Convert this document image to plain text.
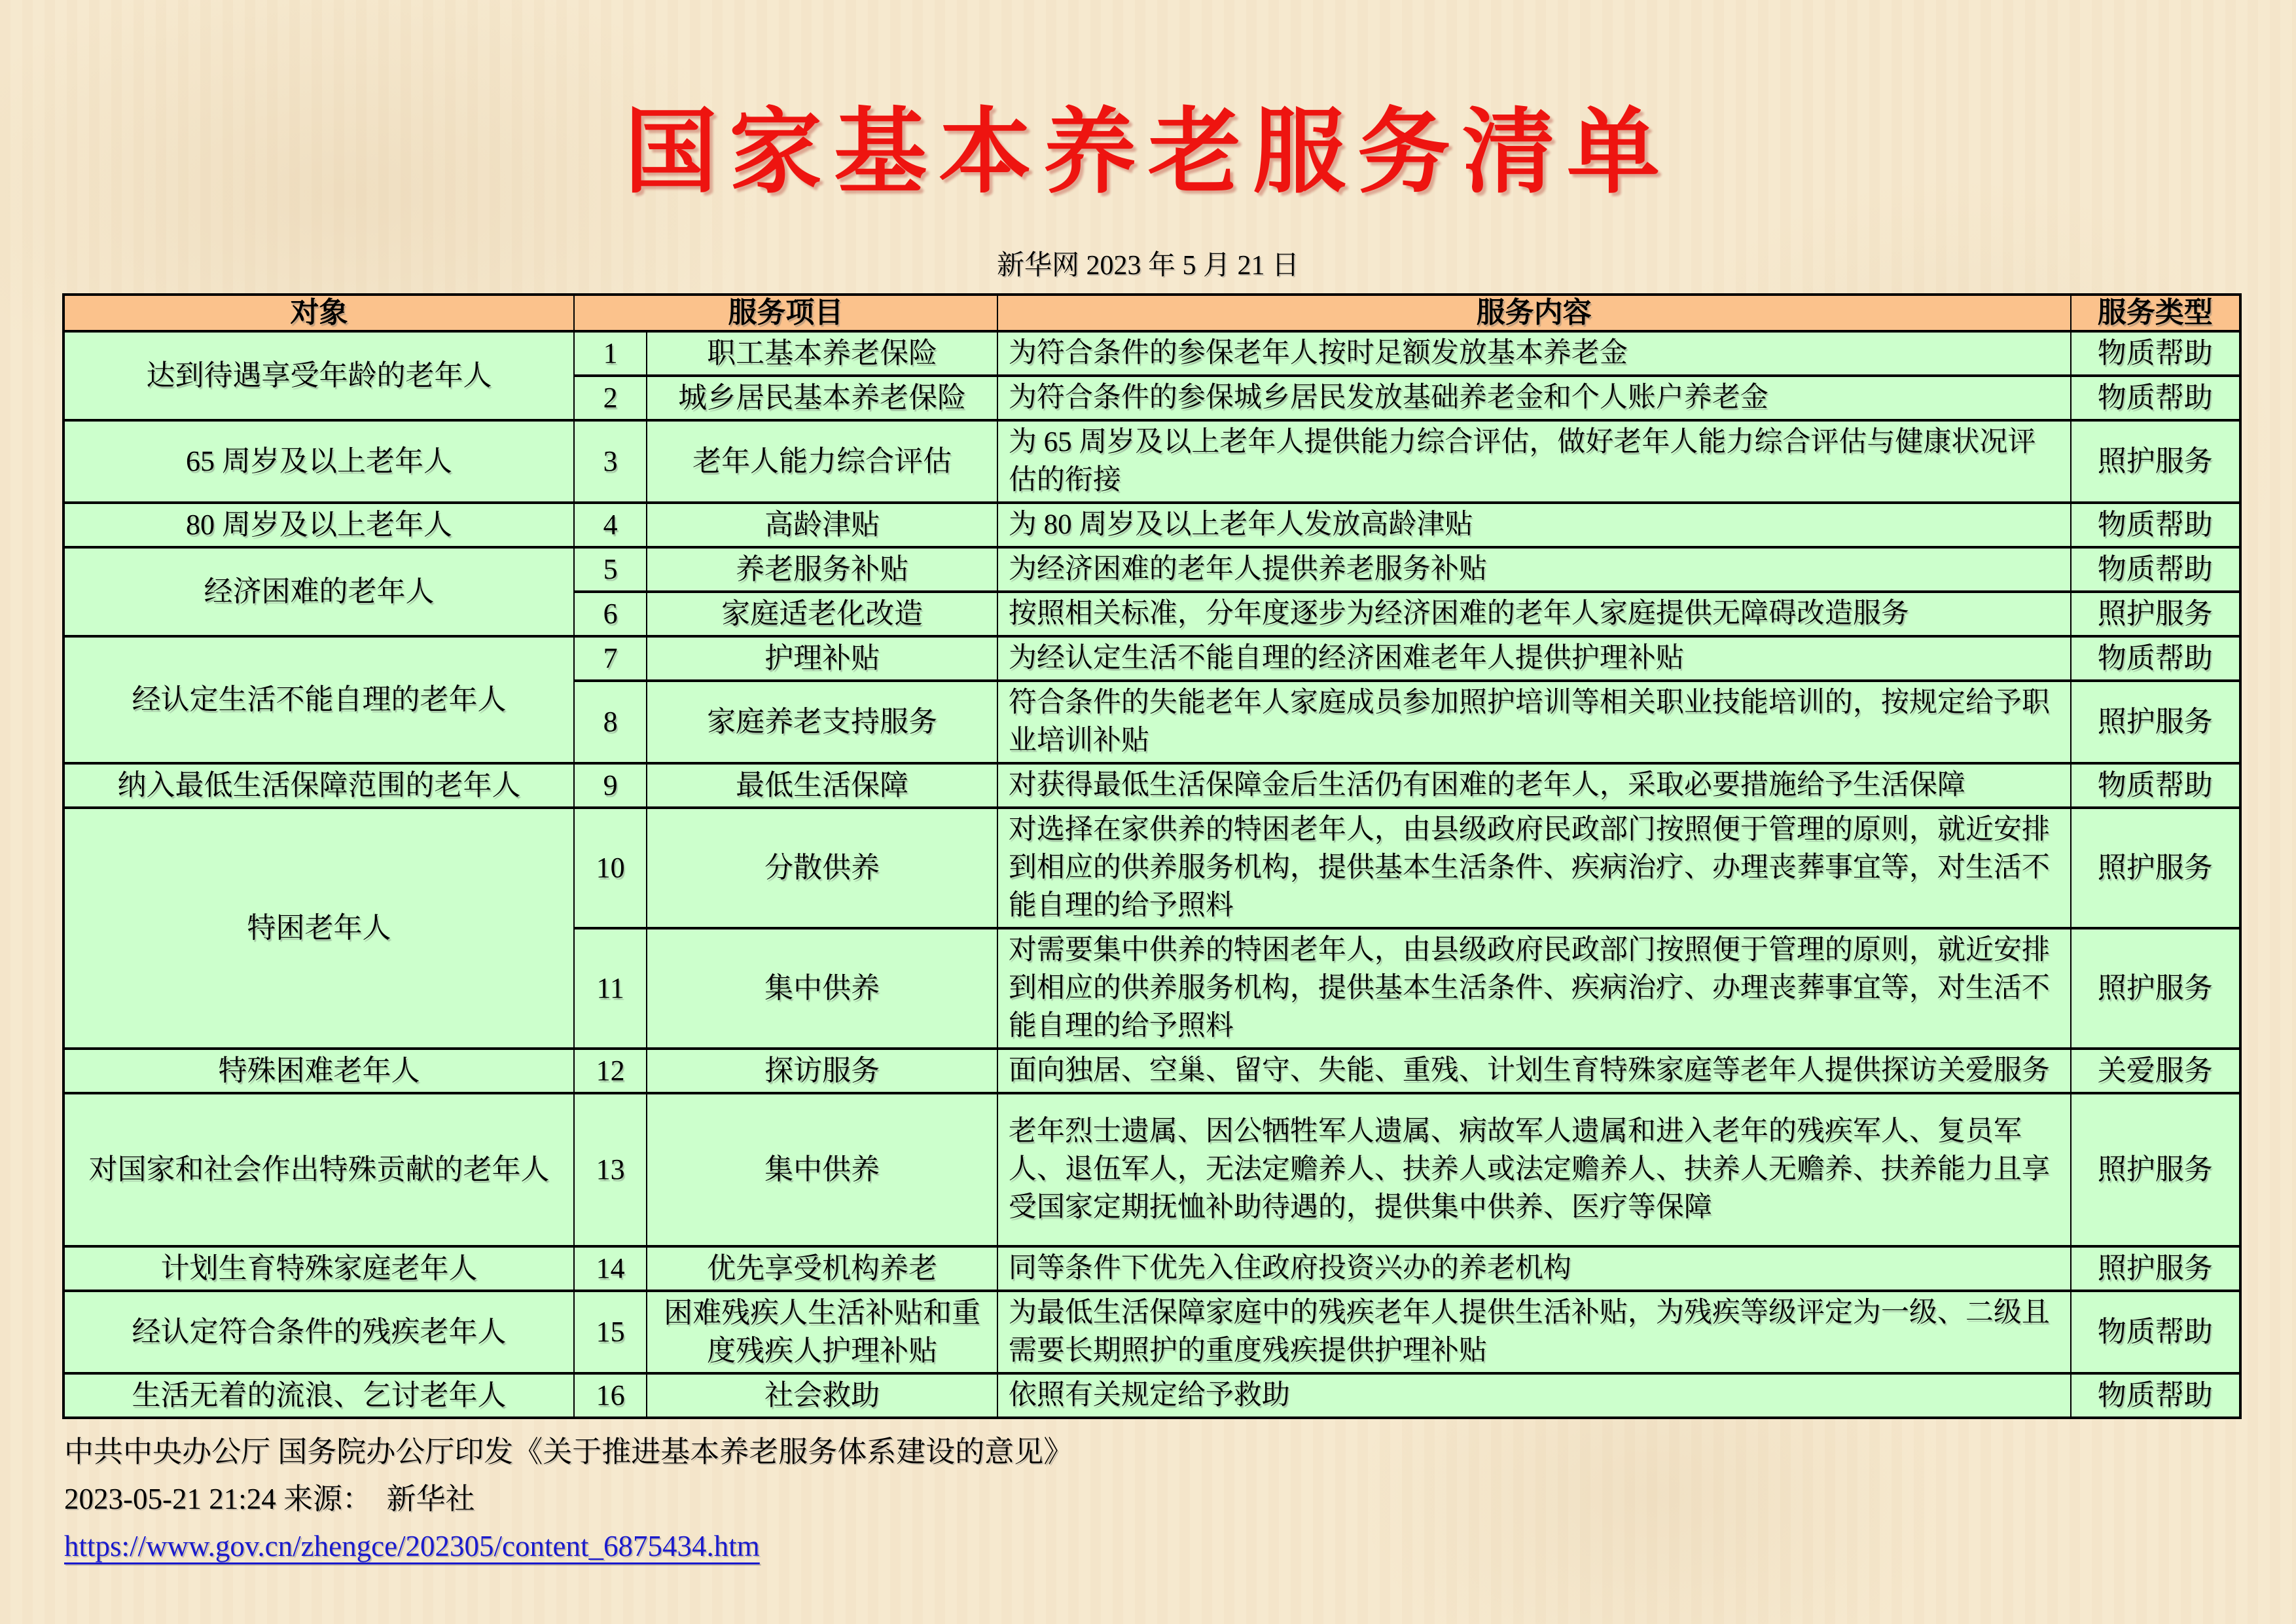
国家基本养老服务清单
新华网 2023 年 5 月 21 日
对象	服务项目		服务内容	服务类型
达到待遇享受年龄的老年人	1	职工基本养老保险	为符合条件的参保老年人按时足额发放基本养老金	物质帮助
	2	城乡居民基本养老保险	为符合条件的参保城乡居民发放基础养老金和个人账户养老金	物质帮助
65 周岁及以上老年人	3	老年人能力综合评估	为 65 周岁及以上老年人提供能力综合评估，做好老年人能力综合评估与健康状况评估的衔接	照护服务
80 周岁及以上老年人	4	高龄津贴	为 80 周岁及以上老年人发放高龄津贴	物质帮助
经济困难的老年人	5	养老服务补贴	为经济困难的老年人提供养老服务补贴	物质帮助
	6	家庭适老化改造	按照相关标准，分年度逐步为经济困难的老年人家庭提供无障碍改造服务	照护服务
经认定生活不能自理的老年人	7	护理补贴	为经认定生活不能自理的经济困难老年人提供护理补贴	物质帮助
	8	家庭养老支持服务	符合条件的失能老年人家庭成员参加照护培训等相关职业技能培训的，按规定给予职业培训补贴	照护服务
纳入最低生活保障范围的老年人	9	最低生活保障	对获得最低生活保障金后生活仍有困难的老年人，采取必要措施给予生活保障	物质帮助
特困老年人	10	分散供养	对选择在家供养的特困老年人，由县级政府民政部门按照便于管理的原则，就近安排到相应的供养服务机构，提供基本生活条件、疾病治疗、办理丧葬事宜等，对生活不能自理的给予照料	照护服务
	11	集中供养	对需要集中供养的特困老年人，由县级政府民政部门按照便于管理的原则，就近安排到相应的供养服务机构，提供基本生活条件、疾病治疗、办理丧葬事宜等，对生活不能自理的给予照料	照护服务
特殊困难老年人	12	探访服务	面向独居、空巢、留守、失能、重残、计划生育特殊家庭等老年人提供探访关爱服务	关爱服务
对国家和社会作出特殊贡献的老年人	13	集中供养	老年烈士遗属、因公牺牲军人遗属、病故军人遗属和进入老年的残疾军人、复员军人、退伍军人，无法定赡养人、扶养人或法定赡养人、扶养人无赡养、扶养能力且享受国家定期抚恤补助待遇的，提供集中供养、医疗等保障	照护服务
计划生育特殊家庭老年人	14	优先享受机构养老	同等条件下优先入住政府投资兴办的养老机构	照护服务
经认定符合条件的残疾老年人	15	困难残疾人生活补贴和重度残疾人护理补贴	为最低生活保障家庭中的残疾老年人提供生活补贴，为残疾等级评定为一级、二级且需要长期照护的重度残疾提供护理补贴	物质帮助
生活无着的流浪、乞讨老年人	16	社会救助	依照有关规定给予救助	物质帮助
中共中央办公厅 国务院办公厅印发《关于推进基本养老服务体系建设的意见》
2023-05-21 21:24 来源：　新华社
https://www.gov.cn/zhengce/202305/content_6875434.htm
